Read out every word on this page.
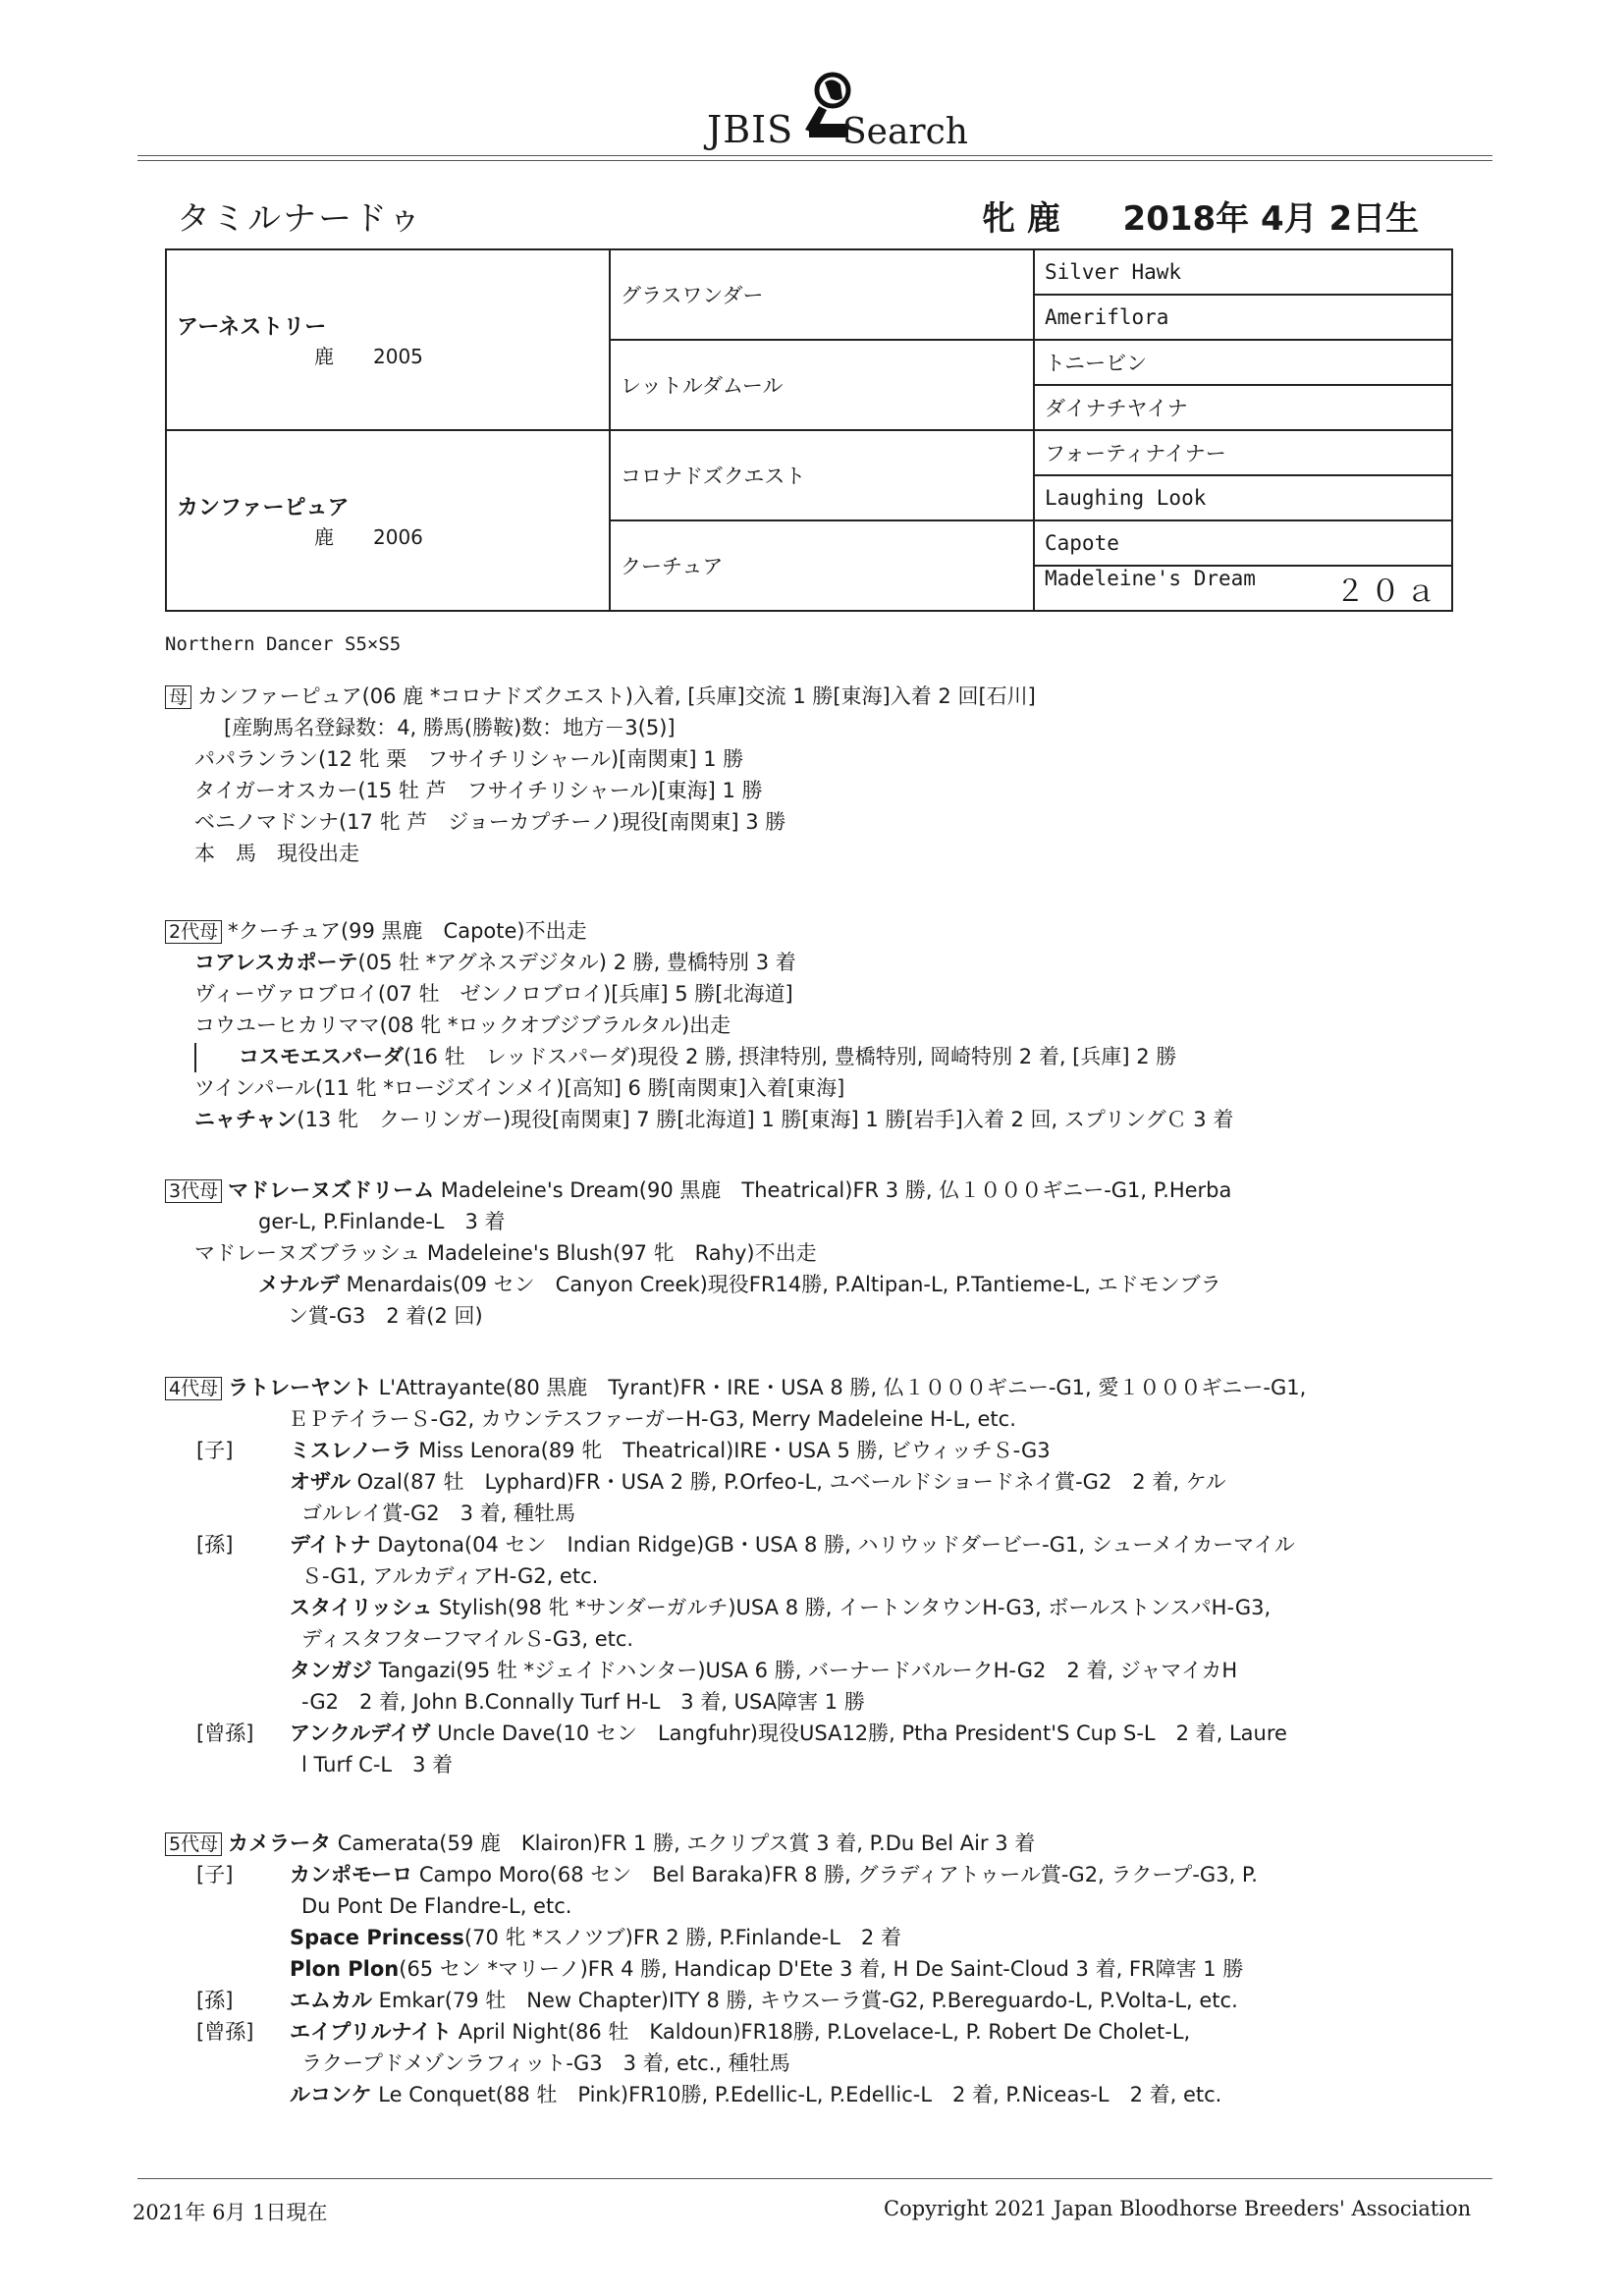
JBIS Search
タミルナードゥ	牝 鹿 2018年 4月 2日生
アーネストリー
鹿　　2005	グラスワンダー	Silver Hawk
		Ameriflora
	レットルダムール	トニービン
		ダイナチヤイナ

カンファーピュア
鹿　　2006	コロナドズクエスト	フォーティナイナー
		Laughing Look
	クーチュア	Capote
		Madeleine's Dream ２０ａ
Northern Dancer S5×S5
母 カンファーピュア(06 鹿 *コロナドズクエスト)入着, [兵庫]交流 1 勝[東海]入着 2 回[石川]
[産駒馬名登録数：4, 勝馬(勝鞍)数：地方－3(5)]
パパランラン(12 牝 栗　フサイチリシャール)[南関東] 1 勝
タイガーオスカー(15 牡 芦　フサイチリシャール)[東海] 1 勝
ベニノマドンナ(17 牝 芦　ジョーカプチーノ)現役[南関東] 3 勝
本　馬　現役出走
2代母 *クーチュア(99 黒鹿　Capote)不出走
コアレスカポーテ(05 牡 *アグネスデジタル) 2 勝, 豊橋特別 3 着
ヴィーヴァロブロイ(07 牡　ゼンノロブロイ)[兵庫] 5 勝[北海道]
コウユーヒカリママ(08 牝 *ロックオブジブラルタル)出走
コスモエスパーダ(16 牡　レッドスパーダ)現役 2 勝, 摂津特別, 豊橋特別, 岡崎特別 2 着, [兵庫] 2 勝
ツインパール(11 牝 *ロージズインメイ)[高知] 6 勝[南関東]入着[東海]
ニャチャン(13 牝　クーリンガー)現役[南関東] 7 勝[北海道] 1 勝[東海] 1 勝[岩手]入着 2 回, スプリングＣ 3 着
3代母 マドレーヌズドリーム Madeleine's Dream(90 黒鹿　Theatrical)FR 3 勝, 仏１０００ギニー-G1, P.Herba
ger-L, P.Finlande-L　3 着
マドレーヌズブラッシュ Madeleine's Blush(97 牝　Rahy)不出走
メナルデ Menardais(09 セン　Canyon Creek)現役FR14勝, P.Altipan-L, P.Tantieme-L, エドモンブラ
ン賞-G3　2 着(2 回)
4代母 ラトレーヤント L'Attrayante(80 黒鹿　Tyrant)FR・IRE・USA 8 勝, 仏１０００ギニー-G1, 愛１０００ギニー-G1,
ＥＰテイラーＳ-G2, カウンテスファーガーH-G3, Merry Madeleine H-L, etc.
[子]	ミスレノーラ Miss Lenora(89 牝　Theatrical)IRE・USA 5 勝, ビウィッチＳ-G3
オザル Ozal(87 牡　Lyphard)FR・USA 2 勝, P.Orfeo-L, ユベールドショードネイ賞-G2　2 着, ケル
ゴルレイ賞-G2　3 着, 種牡馬
[孫]	デイトナ Daytona(04 セン　Indian Ridge)GB・USA 8 勝, ハリウッドダービー-G1, シューメイカーマイル
Ｓ-G1, アルカディアH-G2, etc.
スタイリッシュ Stylish(98 牝 *サンダーガルチ)USA 8 勝, イートンタウンH-G3, ボールストンスパH-G3,
ディスタフターフマイルＳ-G3, etc.
タンガジ Tangazi(95 牡 *ジェイドハンター)USA 6 勝, バーナードバルークH-G2　2 着, ジャマイカH
-G2　2 着, John B.Connally Turf H-L　3 着, USA障害 1 勝
[曾孫] アンクルデイヴ Uncle Dave(10 セン　Langfuhr)現役USA12勝, Ptha President'S Cup S-L　2 着, Laure
l Turf C-L　3 着
5代母 カメラータ Camerata(59 鹿　Klairon)FR 1 勝, エクリプス賞 3 着, P.Du Bel Air 3 着
[子]	カンポモーロ Campo Moro(68 セン　Bel Baraka)FR 8 勝, グラディアトゥール賞-G2, ラクープ-G3, P.
Du Pont De Flandre-L, etc.
Space Princess(70 牝 *スノツブ)FR 2 勝, P.Finlande-L　2 着
Plon Plon(65 セン *マリーノ)FR 4 勝, Handicap D'Ete 3 着, H De Saint-Cloud 3 着, FR障害 1 勝
[孫]	エムカル Emkar(79 牡　New Chapter)ITY 8 勝, キウスーラ賞-G2, P.Bereguardo-L, P.Volta-L, etc.
[曾孫] エイプリルナイト April Night(86 牡　Kaldoun)FR18勝, P.Lovelace-L, P. Robert De Cholet-L,
ラクープドメゾンラフィット-G3　3 着, etc., 種牡馬
ルコンケ Le Conquet(88 牡　Pink)FR10勝, P.Edellic-L, P.Edellic-L　2 着, P.Niceas-L　2 着, etc.
2021年 6月 1日現在	Copyright 2021 Japan Bloodhorse Breeders' Association
